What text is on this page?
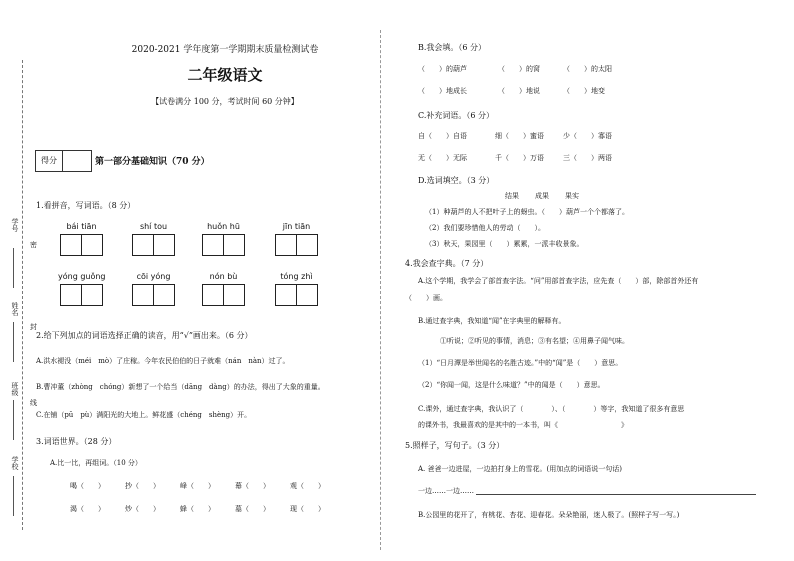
学号
姓名
班级
学校
密
封
线
2020-2021 学年度第一学期期末质量检测试卷
二年级语文
【试卷满分 100 分，考试时间 60 分钟】
得分	第一部分基础知识（70 分）
1.看拼音，写词语。（8 分）
bái tiān	shí tou	huǒn hū	jīn tiān
yóng guǒng	cōi yóng	nón bù	tóng zhì
2.给下列加点的词语选择正确的读音，用“√”画出来。（6 分）
A.洪水褪没（méi　mò）了庄稼。今年农民伯伯的日子就难（nán　nàn）过了。
B.曹冲董（zhòng　chóng）新想了一个给当（dāng　dàng）的办法，得出了大象的重量。
C.在铺（pū　pù）满阳光的大地上。鲜花盛（chéng　shèng）开。
3.词语世界。（28 分）
A.比一比，再组词。（10 分）
喝（　　）	抄（　　）	峰（　　）	幕（　　）	观（　　）
渴（　　）	炒（　　）	蜂（　　）	墓（　　）	现（　　）
B.我会填。（6 分）
（　　）的葫芦	（　　）的窝	（　　）的太阳
（　　）地成长	（　　）地说	（　　）地变
C.补充词语。（6 分）
自（　　）自语	细（　　）蜜语	少（　　）寡语
无（　　）无际	千（　　）万语	三（　　）两语
D.选词填空。（3 分）
结果 成果 果实
（1）种葫芦的人不把叶子上的蚜虫。（　　）葫芦一个个都落了。
（2）我们要珍惜他人的劳动（　　）。
（3）秋天，果园里（　　）累累，一派丰收景象。
4.我会查字典。（7 分）
A.这个学期，我学会了部首查字法。“问”用部首查字法，应先查（　　）部，除部首外还有
（　　）画。
B.通过查字典，我知道“闻”在字典里的解释有。
①听说；②听见的事情，消息；③有名望；④用鼻子闻气味。
（1）“日月潭是举世闻名的名胜古迹。”中的“闻”是（　　）意思。
（2）“你闻一闻，这是什么味道？”中的闻是（　　）意思。
C.课外，通过查字典，我认识了（　　　　）、（　　　　）等字，我知道了很多有意思
的课外书，我最喜欢的是其中的一本书，叫《　　　　　　　　　》
5.照样子，写句子。（3 分）
A. 爸爸一边进屋，一边拍打身上的雪花。(用加点的词语说一句话)
一边……一边……
B.公园里的花开了，有桃花、杏花、迎春花。朵朵艳丽，迷人极了。(照样子写一写。)
